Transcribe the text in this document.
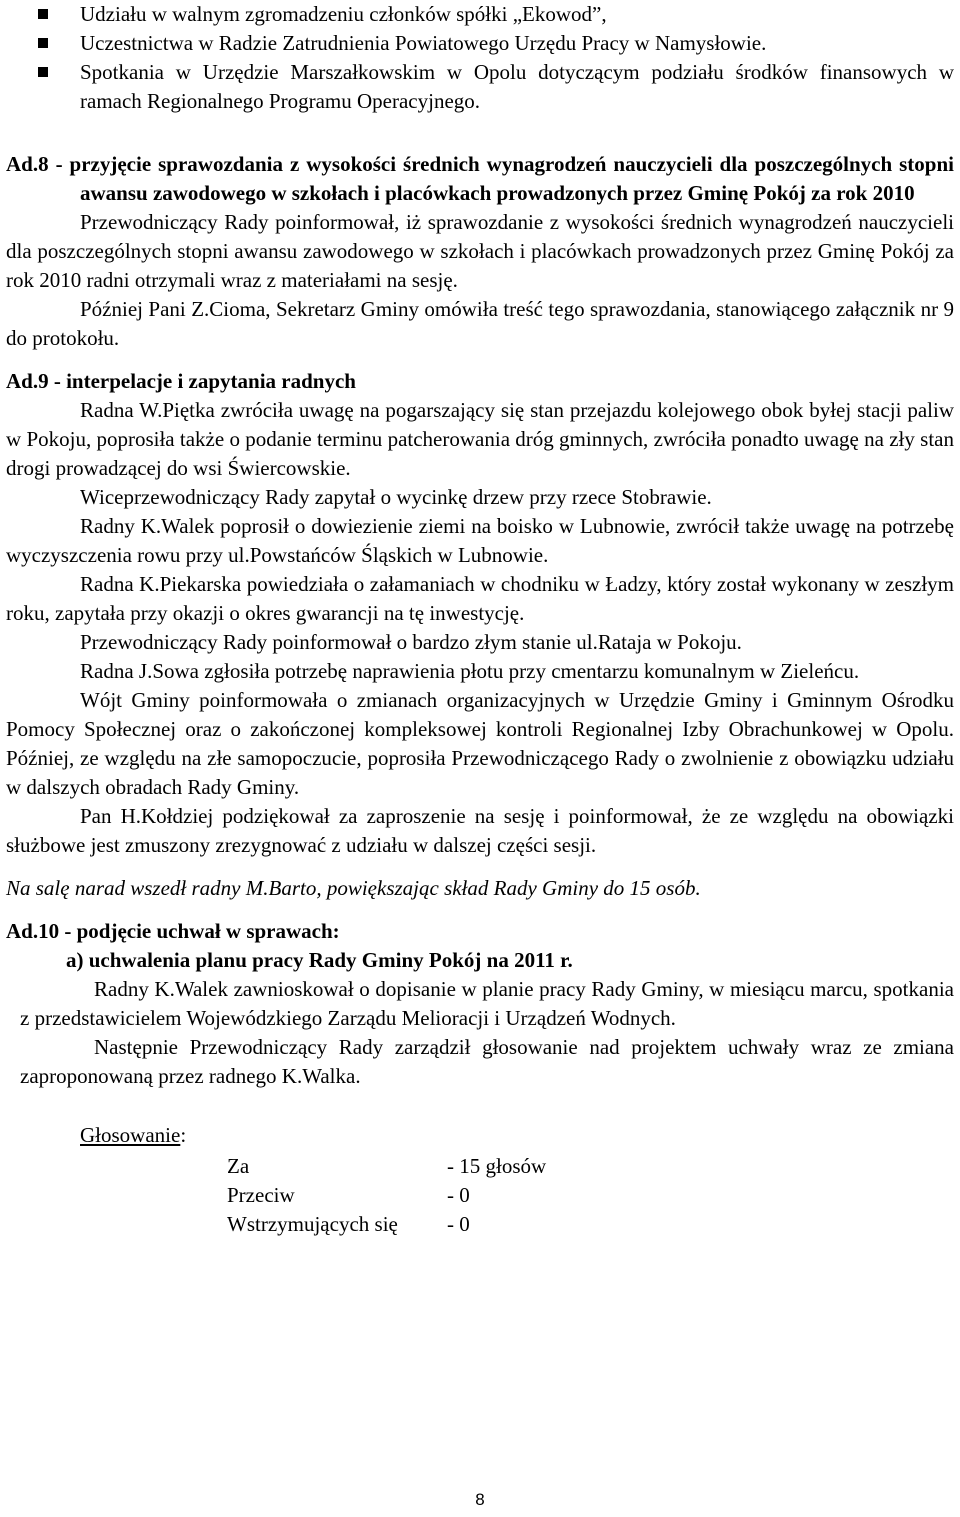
Udziału w walnym zgromadzeniu członków spółki „Ekowod”,
Uczestnictwa w Radzie Zatrudnienia Powiatowego Urzędu Pracy w Namysłowie.
Spotkania w Urzędzie Marszałkowskim w Opolu dotyczącym podziału środków finansowych w ramach Regionalnego Programu Operacyjnego.

Ad.8 - przyjęcie sprawozdania z wysokości średnich wynagrodzeń nauczycieli dla poszczególnych stopni awansu zawodowego w szkołach i placówkach prowadzonych przez Gminę Pokój za rok 2010

Przewodniczący Rady poinformował, iż sprawozdanie z wysokości średnich wynagrodzeń nauczycieli dla poszczególnych stopni awansu zawodowego w szkołach i placówkach prowadzonych przez Gminę Pokój za rok 2010 radni otrzymali wraz z materiałami na sesję.

Później Pani Z.Cioma, Sekretarz Gminy omówiła treść tego sprawozdania, stanowiącego załącznik nr 9 do protokołu.

Ad.9 - interpelacje i zapytania radnych

Radna W.Piętka zwróciła uwagę na pogarszający się stan przejazdu kolejowego obok byłej stacji paliw w Pokoju, poprosiła także o podanie terminu patcherowania dróg gminnych, zwróciła ponadto uwagę na zły stan drogi prowadzącej do wsi Świercowskie.

Wiceprzewodniczący Rady zapytał o wycinkę drzew przy rzece Stobrawie.

Radny K.Walek poprosił o dowiezienie ziemi na boisko w Lubnowie, zwrócił także uwagę na potrzebę wyczyszczenia rowu przy ul.Powstańców Śląskich w Lubnowie.

Radna K.Piekarska powiedziała o załamaniach w chodniku w Ładzy, który został wykonany w zeszłym roku, zapytała przy okazji o okres gwarancji na tę inwestycję.

Przewodniczący Rady poinformował o bardzo złym stanie ul.Rataja w Pokoju.

Radna J.Sowa zgłosiła potrzebę naprawienia płotu przy cmentarzu komunalnym w Zieleńcu.

Wójt Gminy poinformowała o zmianach organizacyjnych w Urzędzie Gminy i Gminnym Ośrodku Pomocy Społecznej oraz o zakończonej kompleksowej kontroli Regionalnej Izby Obrachunkowej w Opolu. Później, ze względu na złe samopoczucie, poprosiła Przewodniczącego Rady o zwolnienie z obowiązku udziału w dalszych obradach Rady Gminy.

Pan H.Kołdziej podziękował za zaproszenie na sesję i poinformował, że ze względu na obowiązki służbowe jest zmuszony zrezygnować z udziału w dalszej części sesji.

Na salę narad wszedł radny M.Barto, powiększając skład Rady Gminy do 15 osób.

Ad.10 - podjęcie uchwał w sprawach:

a) uchwalenia planu pracy Rady Gminy Pokój na 2011 r.

Radny K.Walek zawnioskował o dopisanie w planie pracy Rady Gminy, w miesiącu marcu, spotkania z przedstawicielem Wojewódzkiego Zarządu Melioracji i Urządzeń Wodnych.

Następnie Przewodniczący Rady zarządził głosowanie nad projektem uchwały wraz ze zmiana zaproponowaną przez radnego K.Walka.

Głosowanie:

Za	- 15 głosów
Przeciw	- 0
Wstrzymujących się	- 0
8
